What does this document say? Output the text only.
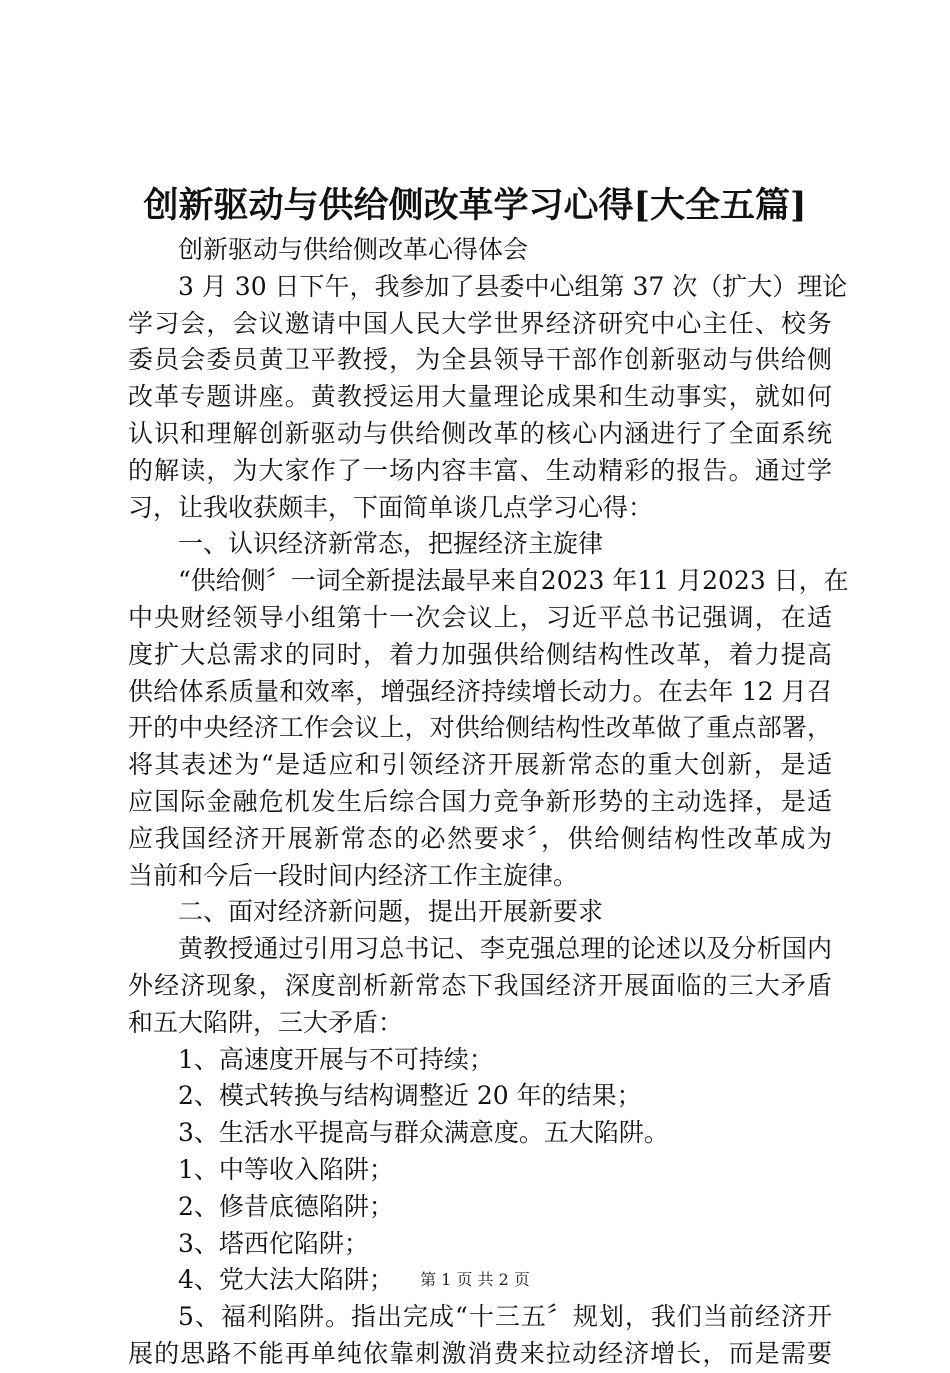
创新驱动与供给侧改革学习心得[大全五篇]
创新驱动与供给侧改革心得体会
3 月 30 日下午，我参加了县委中心组第 37 次（扩大）理论
学习会，会议邀请中国人民大学世界经济研究中心主任、校务
委员会委员黄卫平教授，为全县领导干部作创新驱动与供给侧
改革专题讲座。黄教授运用大量理论成果和生动事实，就如何
认识和理解创新驱动与供给侧改革的核心内涵进行了全面系统
的解读，为大家作了一场内容丰富、生动精彩的报告。通过学
习，让我收获颇丰，下面简单谈几点学习心得：
一、认识经济新常态，把握经济主旋律
“供给侧〞一词全新提法最早来自2023 年11 月2023 日，在
中央财经领导小组第十一次会议上，习近平总书记强调，在适
度扩大总需求的同时，着力加强供给侧结构性改革，着力提高
供给体系质量和效率，增强经济持续增长动力。在去年 12 月召
开的中央经济工作会议上，对供给侧结构性改革做了重点部署，
将其表述为“是适应和引领经济开展新常态的重大创新，是适
应国际金融危机发生后综合国力竞争新形势的主动选择，是适
应我国经济开展新常态的必然要求〞，供给侧结构性改革成为
当前和今后一段时间内经济工作主旋律。
二、面对经济新问题，提出开展新要求
黄教授通过引用习总书记、李克强总理的论述以及分析国内
外经济现象，深度剖析新常态下我国经济开展面临的三大矛盾
和五大陷阱，三大矛盾：
1、高速度开展与不可持续；
2、模式转换与结构调整近 20 年的结果；
3、生活水平提高与群众满意度。五大陷阱。
1、中等收入陷阱；
2、修昔底德陷阱；
3、塔西佗陷阱；
4、党大法大陷阱；
5、福利陷阱。指出完成“十三五〞规划，我们当前经济开
展的思路不能再单纯依靠刺激消费来拉动经济增长，而是需要
第 1 页 共 2 页
